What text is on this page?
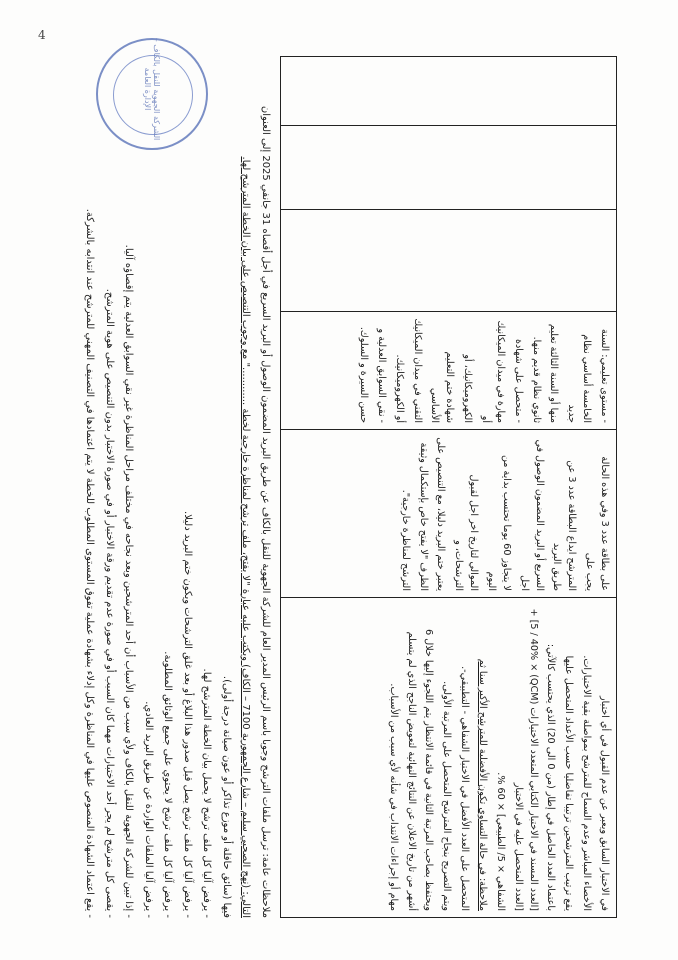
4
الشركة الجهوية للنقل بالكاف – الإدارة العامة

في الاختبار السابق ويعبر عن عدم القبول في أي اختبار

الأخصاء المباشر وعدم السماح للمترشح بمواصلة بقية الاختبارات.

يقع ترتيب المترشحين ترتيبا تفاضليا حسب الأعداد المتحصل عليها

باعتماد العدد الحاصل في إطار (من 0 الى 20) الذي يحتسب كالآتي:

[العدد المسند في الاختبار الكتابي المتعدد الاختيارات (QCM) × 5 / 40%] + [العدد المتحصل عليه في الاختبار

الشفاهي × 5/ الطبيعي] × 60 %.

ملاحظة: في حالة التساوي تكون الأفضلية للمترشح الأكبر سنا ثم

المتحصل على العدد الأفضل في الاختبار الشفاهي - التطبيقي-.

ويتم التصريح بنجاح المترشح المتحصل على المرتبة الأولى.

ويحتفظ بصاحب المرتبة الثانية في قائمة الانتظار يتم اللجوء إليها خلال 6

أشهر من تاريخ الاعلان عن النتائج النهائية لتعويض الناجح الذي لم يتسلم

مهام أو إجراءات الانتداب في شأنه لأي سبب من الأسباب.

على بطاقة عدد 3 وفي هذه الحالة يجب على

المترشح ايداع البطاقة عدد 3 عن طريق البريد

السريع أو البريد المضمون الوصول في اجل

لا يتجاوز 60 يوما تحتسب بداية من اليوم

الموالي لتاريخ اخر اجل لقبول الترشحات، و

يعتبر ختم البريد دليلا، مع التنصيص على

الظرف "لا يفتح خاص بإستكمال وثيقة

الترشح لمناظرة خارجية".

- مستوى تعليمي: السنة

الخامسة أساسي نظام جديد

منها أو السنة الثالثة تعليم

ثانوي نظام قديم منها.

- متحصل على شهادة

مهارة في ميدان الميكانيك أو

الكهروميكانيك، أو

شهادة ختم التعليم الأساسي

التقني في ميدان الميكانيك

أو الكهروميكانيك.

- نقي السوابق العدلية و

حسن السيرة و السلوك.

ملاحظات عامة: ترسل ملفات الترشح وجوبا باسم الرئيس المدير العام للشركة الجهوية للنقل بالكاف عن طريق البريد المضمون الوصول أو البريد السريع في أجل أقصاه 31 جانفي 2025 إلى العنوان

التالي: (نهج الصحبي سليم – شارع الجمهورية 7100 – الكاف) ويكتب عليه عبارة "لا يفتح، ملف ترشح لمناظرة خارجية لخطة ............" مع وجوب التنصيص على بيان الخطة المترشح لها.

فيها (سائق حافلة أو موزع تذاكر أو عون صيانة درجة أولى).

- يرفض آليا كل ملف ترشح لا يحمل بيان الخطة المترشح لها.
- يرفض آليا كل ملف ترشح يصل قبل صدور هذا البلاغ أو بعد غلق الترشحات ويكون ختم البريد دليلا.
- يرفض آليا كل ملف ترشح لا يحتوي على جميع الوثائق المطلوبة.
- يرفض آليا الملفات الواردة عن طريق البريد العادي.
- إذا تبين للشركة الجهوية للنقل بالكاف ولأي سبب من الأسباب أن أحد المترشحين وبعد نجاحه في مختلف مراحل المناظرة غير نقي السوابق العدلية يتم إقصاؤه آليا.
- يقصى كل مترشح لم يجر أحد الاختبارات مهما كان السبب أو في صورة عدم تقديم ورقة الاختبار أو في صورة الاختبار بدون التنصيص على هوية المترشح.
- يقع اعتماد الشهادة المنصوص عليها في المناظرة وكل إدلاء بشهادة عملية تفوق المستوى المطلوب للخطة لا يتم اعتمادها في التصنيف المهني للمترشح عند انتدابه بالشركة.
